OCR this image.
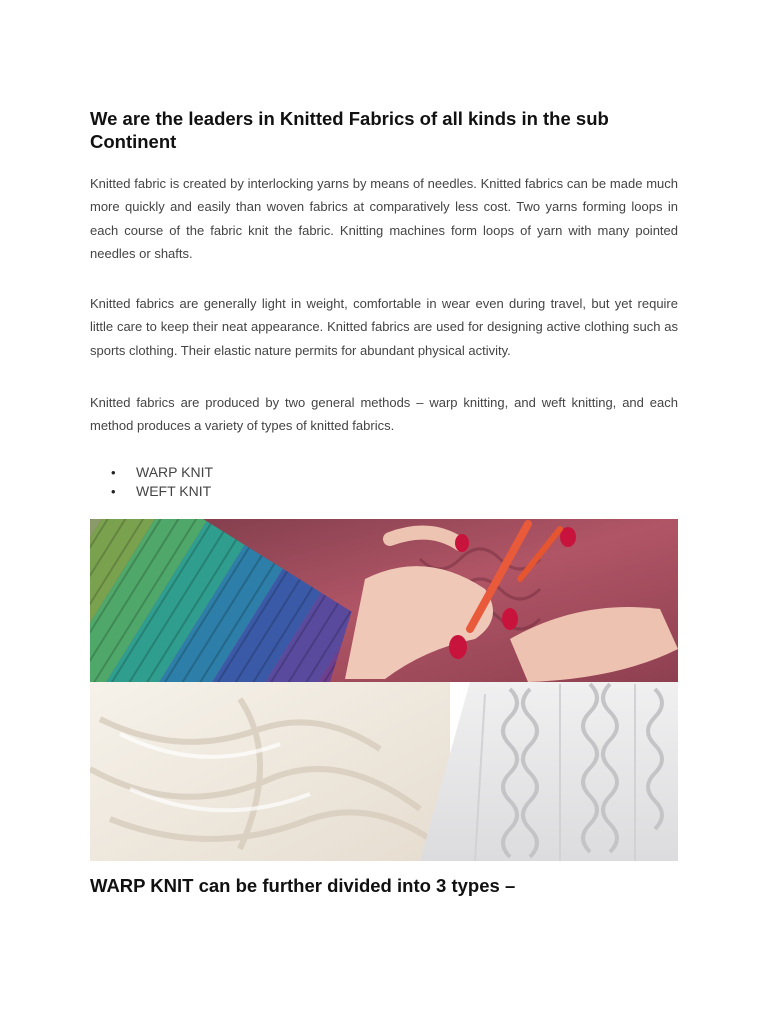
We are the leaders in Knitted Fabrics of all kinds in the sub Continent
Knitted fabric is created by interlocking yarns by means of needles. Knitted fabrics can be made much more quickly and easily than woven fabrics at comparatively less cost. Two yarns forming loops in each course of the fabric knit the fabric. Knitting machines form loops of yarn with many pointed needles or shafts.
Knitted fabrics are generally light in weight, comfortable in wear even during travel, but yet require little care to keep their neat appearance. Knitted fabrics are used for designing active clothing such as sports clothing. Their elastic nature permits for abundant physical activity.
Knitted fabrics are produced by two general methods – warp knitting, and weft knitting, and each method produces a variety of types of knitted fabrics.
• WARP KNIT
• WEFT KNIT
WARP KNIT can be further divided into 3 types –
